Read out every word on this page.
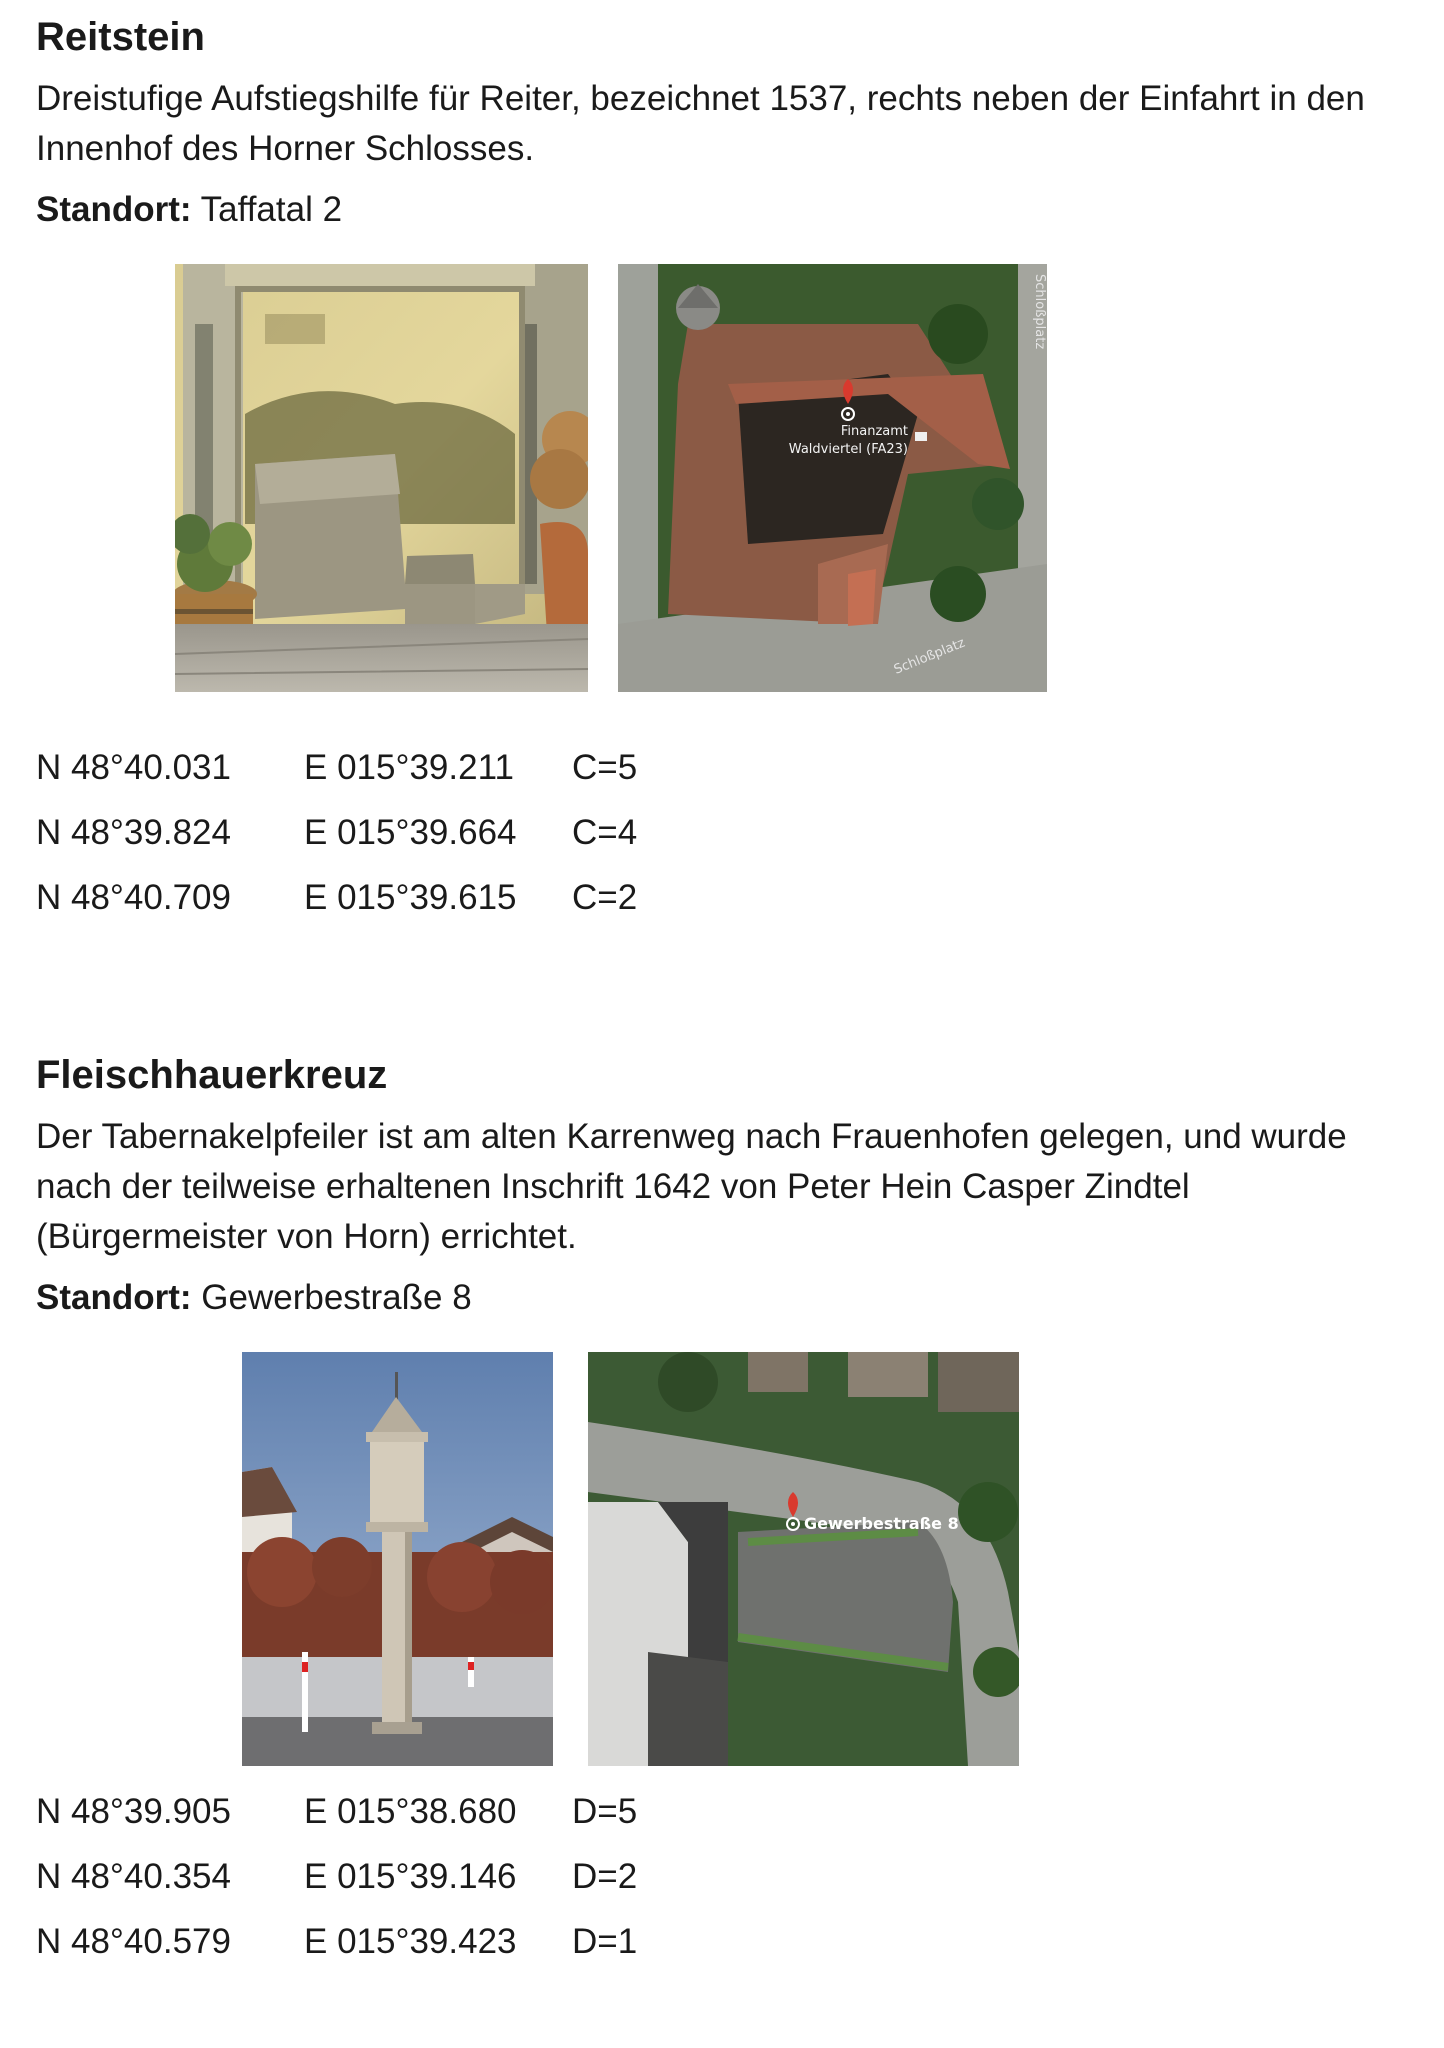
Reitstein

Dreistufige Aufstiegshilfe für Reiter, bezeichnet 1537, rechts neben der Einfahrt in den Innenhof des Horner Schlosses.

Standort: Taffatal 2

Finanzamt
Waldviertel (FA23)
Schloßplatz
Schloßplatz
N 48°40.031 E 015°39.211 C=5
N 48°39.824 E 015°39.664 C=4
N 48°40.709 E 015°39.615 C=2
Fleischhauerkreuz

Der Tabernakelpfeiler ist am alten Karrenweg nach Frauenhofen gelegen, und wurde nach der teilweise erhaltenen Inschrift 1642 von Peter Hein Casper Zindtel (Bürgermeister von Horn) errichtet.

Standort: Gewerbestraße 8

Gewerbestraße 8
N 48°39.905 E 015°38.680 D=5
N 48°40.354 E 015°39.146 D=2
N 48°40.579 E 015°39.423 D=1
